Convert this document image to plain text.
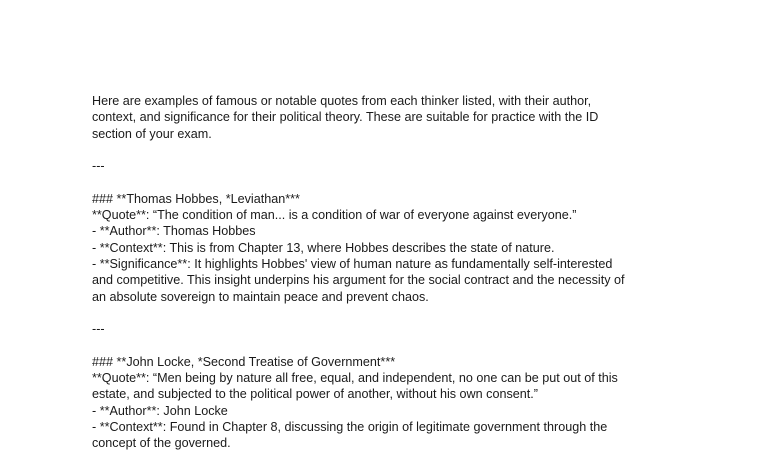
Here are examples of famous or notable quotes from each thinker listed, with their author,
context, and significance for their political theory. These are suitable for practice with the ID
section of your exam.
---
### **Thomas Hobbes, *Leviathan***
**Quote**: “The condition of man... is a condition of war of everyone against everyone.”
- **Author**: Thomas Hobbes
- **Context**: This is from Chapter 13, where Hobbes describes the state of nature.
- **Significance**: It highlights Hobbes' view of human nature as fundamentally self-interested
and competitive. This insight underpins his argument for the social contract and the necessity of
an absolute sovereign to maintain peace and prevent chaos.
---
### **John Locke, *Second Treatise of Government***
**Quote**: “Men being by nature all free, equal, and independent, no one can be put out of this
estate, and subjected to the political power of another, without his own consent.”
- **Author**: John Locke
- **Context**: Found in Chapter 8, discussing the origin of legitimate government through the
concept of the governed.
